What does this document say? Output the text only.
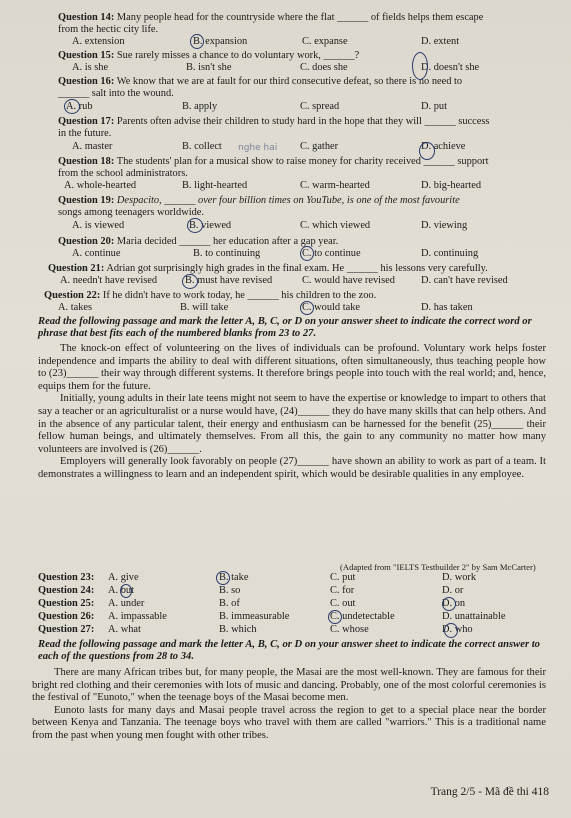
Question 14: Many people head for the countryside where the flat ______ of fields helps them escape
from the hectic city life.
A. extension	B. expansion	C. expanse	D. extent
Question 15: Sue rarely misses a chance to do voluntary work, ______?
A. is she	B. isn't she	C. does she	D. doesn't she
Question 16: We know that we are at fault for our third consecutive defeat, so there is no need to
______ salt into the wound.
A. rub	B. apply	C. spread	D. put
Question 17: Parents often advise their children to study hard in the hope that they will ______ success
in the future.
A. master	B. collect	C. gather	D. achieve
Question 18: The students' plan for a musical show to raise money for charity received ______ support
from the school administrators.
A. whole-hearted	B. light-hearted	C. warm-hearted	D. big-hearted
Question 19: Despacito, ______ over four billion times on YouTube, is one of the most favourite
songs among teenagers worldwide.
A. is viewed	B. viewed	C. which viewed	D. viewing
Question 20: Maria decided ______ her education after a gap year.
A. continue	B. to continuing	C. to continue	D. continuing
Question 21: Adrian got surprisingly high grades in the final exam. He ______ his lessons very carefully.
A. needn't have revised	B. must have revised	C. would have revised	D. can't have revised
Question 22: If he didn't have to work today, he ______ his children to the zoo.
A. takes	B. will take	C. would take	D. has taken
Read the following passage and mark the letter A, B, C, or D on your answer sheet to indicate the correct word or phrase that best fits each of the numbered blanks from 23 to 27.

The knock-on effect of volunteering on the lives of individuals can be profound. Voluntary work helps foster independence and imparts the ability to deal with different situations, often simultaneously, thus teaching people how to (23)______ their way through different systems. It therefore brings people into touch with the real world; and, hence, equips them for the future.

Initially, young adults in their late teens might not seem to have the expertise or knowledge to impart to others that say a teacher or an agriculturalist or a nurse would have, (24)______ they do have many skills that can help others. And in the absence of any particular talent, their energy and enthusiasm can be harnessed for the benefit (25)______ their fellow human beings, and ultimately themselves. From all this, the gain to any community no matter how many volunteers are involved is (26)______.

Employers will generally look favorably on people (27)______ have shown an ability to work as part of a team. It demonstrates a willingness to learn and an independent spirit, which would be desirable qualities in any employee.

(Adapted from "IELTS Testbuilder 2" by Sam McCarter)
Question 23: A. give	B. take	C. put	D. work
Question 24: A. but	B. so	C. for	D. or
Question 25: A. under	B. of	C. out	D. on
Question 26: A. impassable	B. immeasurable	C. undetectable	D. unattainable
Question 27: A. what	B. which	C. whose	D. who
Read the following passage and mark the letter A, B, C, or D on your answer sheet to indicate the correct answer to each of the questions from 28 to 34.

There are many African tribes but, for many people, the Masai are the most well-known. They are famous for their bright red clothing and their ceremonies with lots of music and dancing. Probably, one of the most colorful ceremonies is the festival of "Eunoto," when the teenage boys of the Masai become men.

Eunoto lasts for many days and Masai people travel across the region to get to a special place near the border between Kenya and Tanzania. The teenage boys who travel with them are called "warriors." This is a traditional name from the past when young men fought with other tribes.

Trang 2/5 - Mã đề thi 418
nghe hai
